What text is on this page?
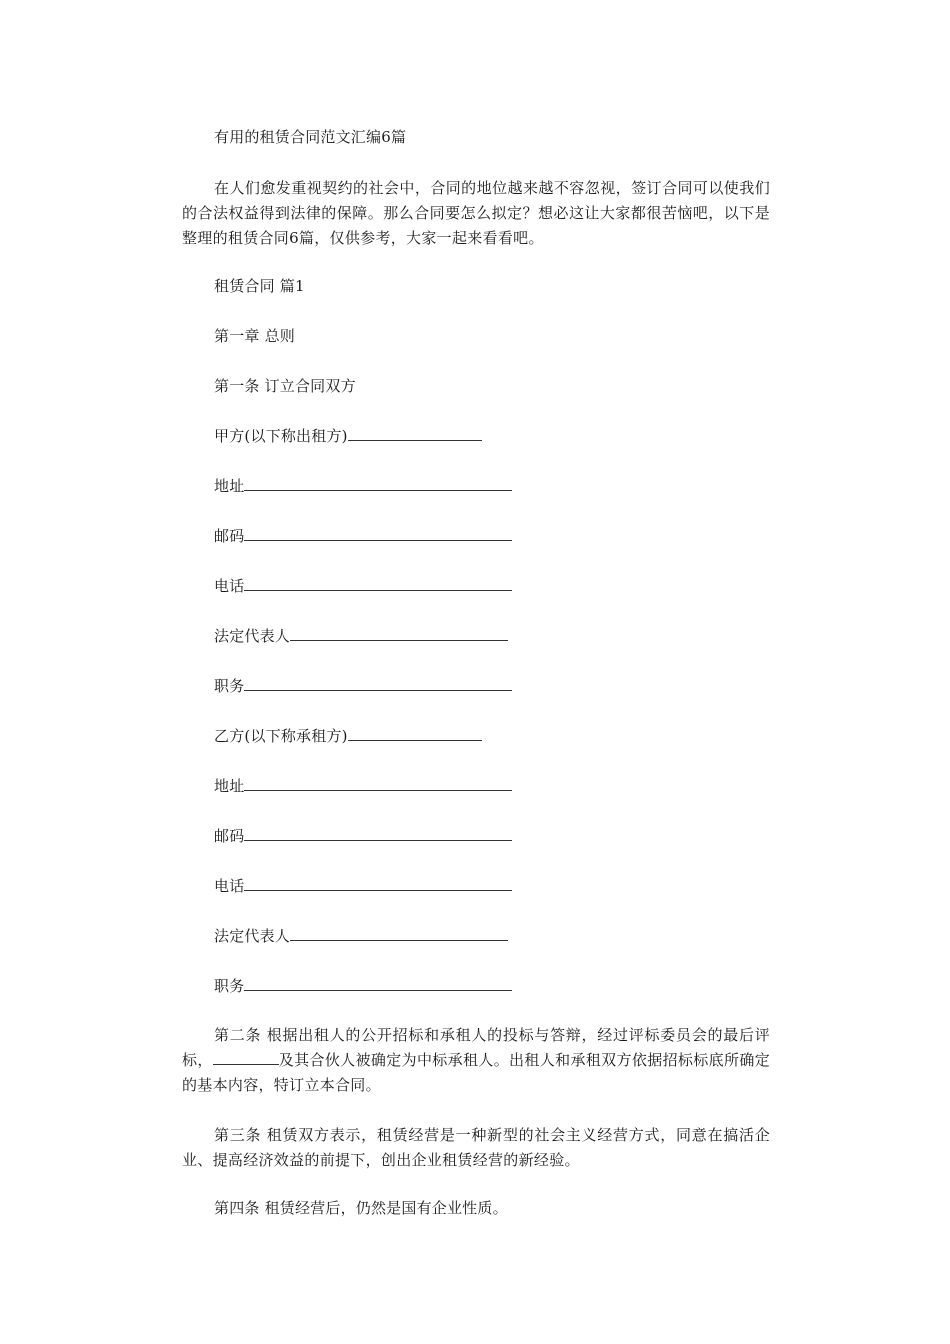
有用的租赁合同范文汇编6篇
在人们愈发重视契约的社会中，合同的地位越来越不容忽视，签订合同可以使我们的合法权益得到法律的保障。那么合同要怎么拟定？想必这让大家都很苦恼吧，以下是整理的租赁合同6篇，仅供参考，大家一起来看看吧。
租赁合同 篇1
第一章 总则
第一条 订立合同双方
甲方(以下称出租方)
地址
邮码
电话
法定代表人
职务
乙方(以下称承租方)
地址
邮码
电话
法定代表人
职务
第二条 根据出租人的公开招标和承租人的投标与答辩，经过评标委员会的最后评标，	及其合伙人被确定为中标承租人。出租人和承租双方依据招标标底所确定的基本内容，特订立本合同。
第三条 租赁双方表示，租赁经营是一种新型的社会主义经营方式，同意在搞活企业、提高经济效益的前提下，创出企业租赁经营的新经验。
第四条 租赁经营后，仍然是国有企业性质。
